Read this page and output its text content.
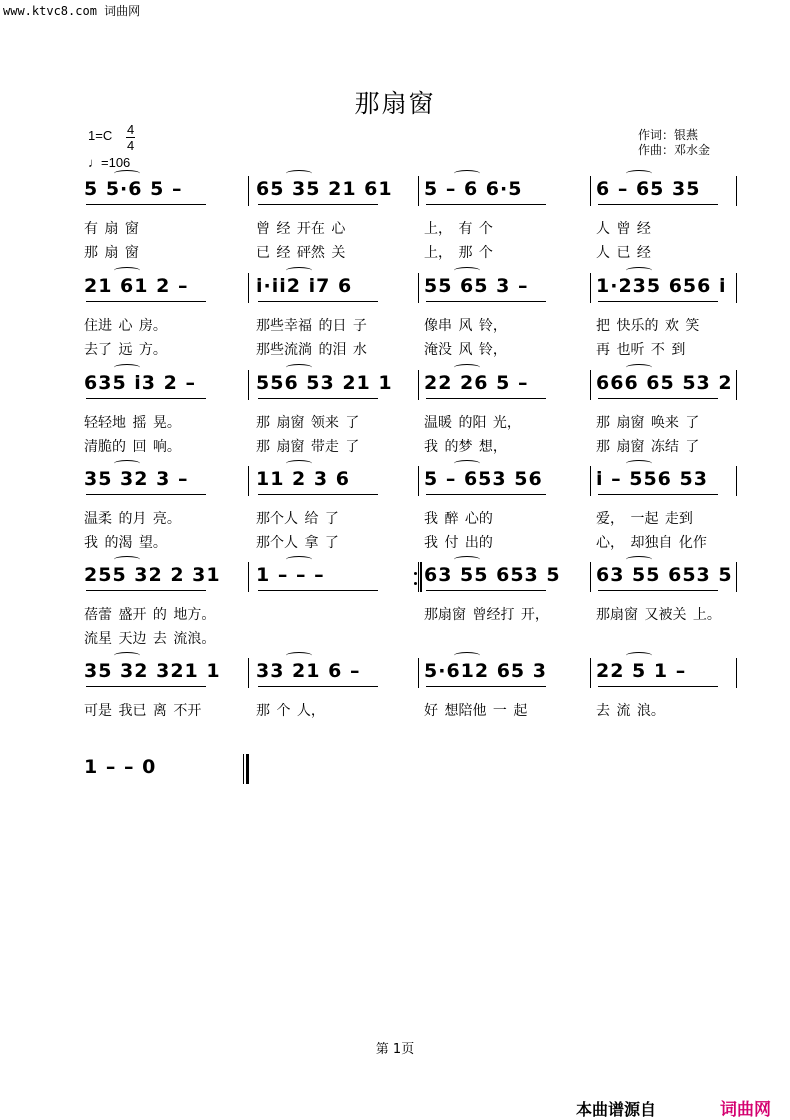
www.ktvc8.com 词曲网
那扇窗
$1=C \frac{4}{4}$
♩=106
作词：银燕
作曲：邓水金
5 5·6 5 –
有 扇 窗
那 扇 窗
65 35 21 61
曾 经 开在 心
已 经 砰然 关
5 – 6 6·5
上， 有 个
上， 那 个
6 – 65 35
人 曾 经
人 已 经
21 61 2 –
住进 心 房。
去了 远 方。
i·ii2 i7 6
那些幸福 的日 子
那些流淌 的泪 水
55 65 3 –
像串 风 铃，
淹没 风 铃，
1·235 656 i
把 快乐的 欢 笑
再 也听 不 到
635 i3 2 –
轻轻地 摇 晃。
清脆的 回 响。
556 53 21 1
那 扇窗 领来 了
那 扇窗 带走 了
22 26 5 –
温暖 的阳 光，
我 的梦 想，
666 65 53 2
那 扇窗 唤来 了
那 扇窗 冻结 了
35 32 3 –
温柔 的月 亮。
我 的渴 望。
11 2 3 6
那个人 给 了
那个人 拿 了
5 – 653 56
我 醉 心的
我 付 出的
i – 556 53
爱， 一起 走到
心， 却独自 化作
255 32 2 31
蓓蕾 盛开 的 地方。
流星 天边 去 流浪。
1 – – –	63 55 653 5
那扇窗 曾经打 开，
63 55 653 5
那扇窗 又被关 上。
35 32 321 1
可是 我已 离 不开
33 21 6 –
那 个 人，
5·612 65 3
好 想陪他 一 起
22 5 1 –
去 流 浪。
1 – – 0
第 1页
本曲谱源自	词曲网
